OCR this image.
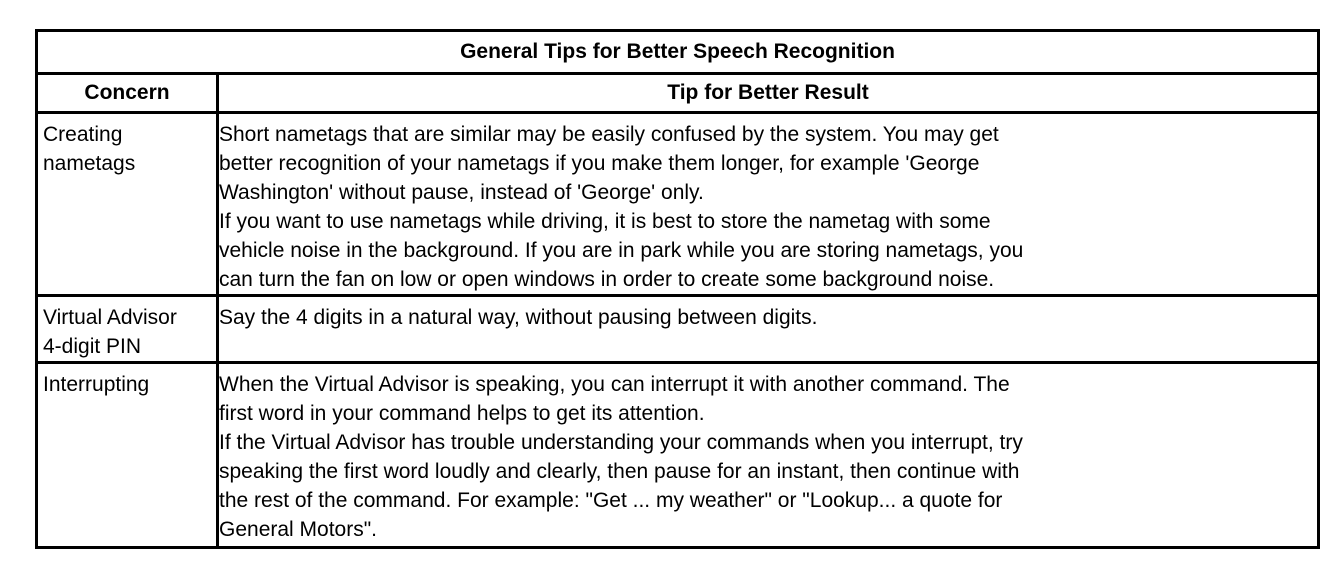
General Tips for Better Speech Recognition
Concern	Tip for Better Result
Creating
nametags

Short nametags that are similar may be easily confused by the system. You may get
better recognition of your nametags if you make them longer, for example 'George
Washington' without pause, instead of 'George' only.

If you want to use nametags while driving, it is best to store the nametag with some
vehicle noise in the background. If you are in park while you are storing nametags, you
can turn the fan on low or open windows in order to create some background noise.

Virtual Advisor
4-digit PIN

Say the 4 digits in a natural way, without pausing between digits.

Interrupting	When the Virtual Advisor is speaking, you can interrupt it with another command. The
first word in your command helps to get its attention.

If the Virtual Advisor has trouble understanding your commands when you interrupt, try
speaking the first word loudly and clearly, then pause for an instant, then continue with
the rest of the command. For example: "Get ... my weather" or "Lookup... a quote for
General Motors".
